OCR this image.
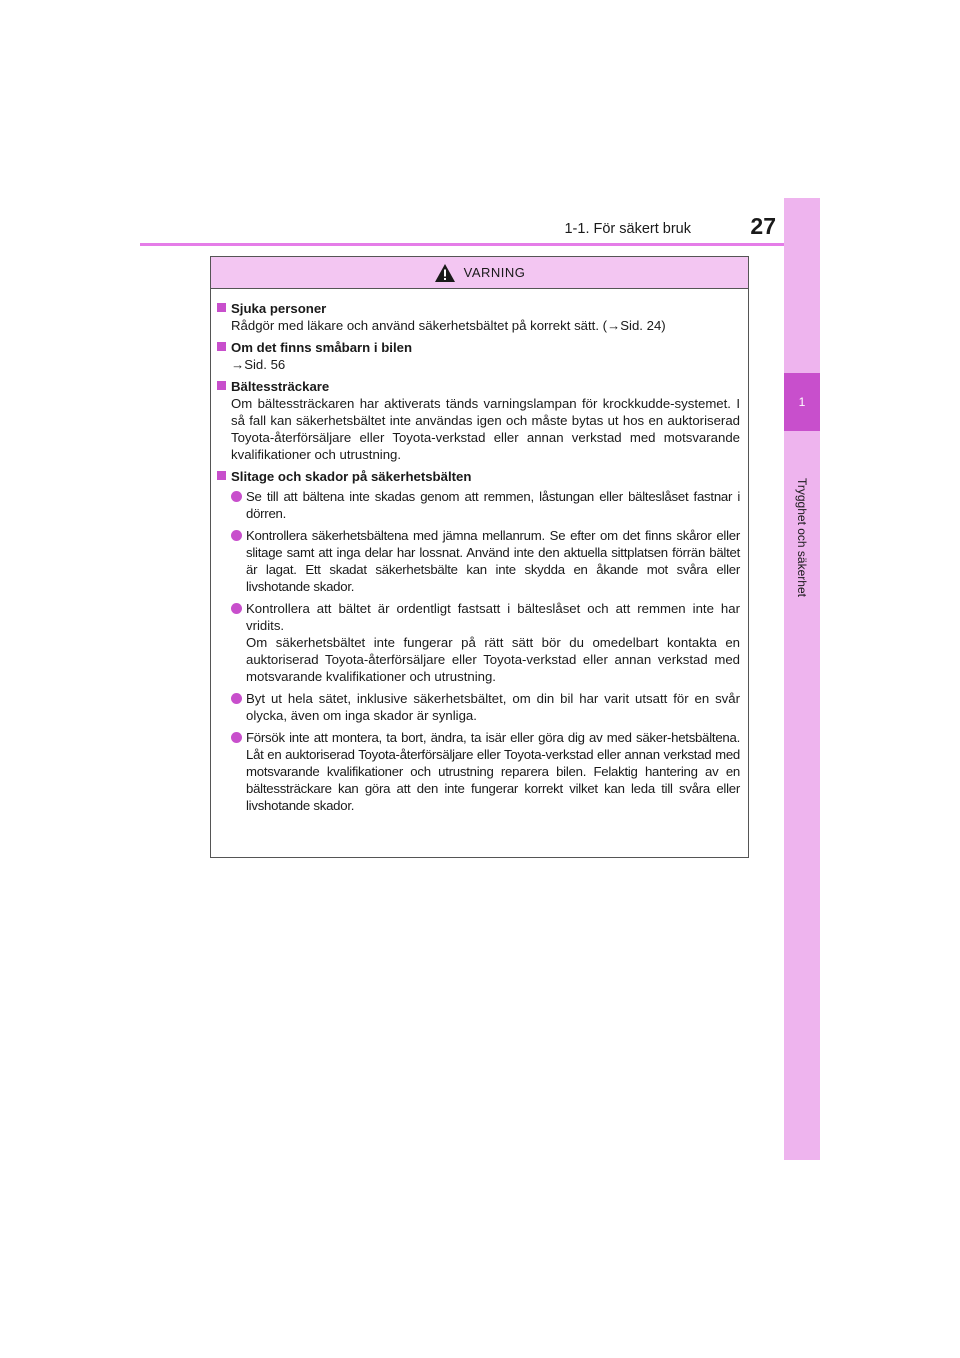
1-1. För säkert bruk	27
1
Trygghet och säkerhet
VARNING
Sjuka personer
Rådgör med läkare och använd säkerhetsbältet på korrekt sätt. (→Sid. 24)
Om det finns småbarn i bilen
→Sid. 56
Bältessträckare
Om bältessträckaren har aktiverats tänds varningslampan för krockkudde-systemet. I så fall kan säkerhetsbältet inte användas igen och måste bytas ut hos en auktoriserad Toyota-återförsäljare eller Toyota-verkstad eller annan verkstad med motsvarande kvalifikationer och utrustning.
Slitage och skador på säkerhetsbälten
Se till att bältena inte skadas genom att remmen, låstungan eller bälteslåset fastnar i dörren.
Kontrollera säkerhetsbältena med jämna mellanrum. Se efter om det finns skåror eller slitage samt att inga delar har lossnat. Använd inte den aktuella sittplatsen förrän bältet är lagat. Ett skadat säkerhetsbälte kan inte skydda en åkande mot svåra eller livshotande skador.

Kontrollera att bältet är ordentligt fastsatt i bälteslåset och att remmen inte har vridits.

Om säkerhetsbältet inte fungerar på rätt sätt bör du omedelbart kontakta en auktoriserad Toyota-återförsäljare eller Toyota-verkstad eller annan verkstad med motsvarande kvalifikationer och utrustning.

Byt ut hela sätet, inklusive säkerhetsbältet, om din bil har varit utsatt för en svår olycka, även om inga skador är synliga.
Försök inte att montera, ta bort, ändra, ta isär eller göra dig av med säker-hetsbältena. Låt en auktoriserad Toyota-återförsäljare eller Toyota-verkstad eller annan verkstad med motsvarande kvalifikationer och utrustning reparera bilen. Felaktig hantering av en bältessträckare kan göra att den inte fungerar korrekt vilket kan leda till svåra eller livshotande skador.
